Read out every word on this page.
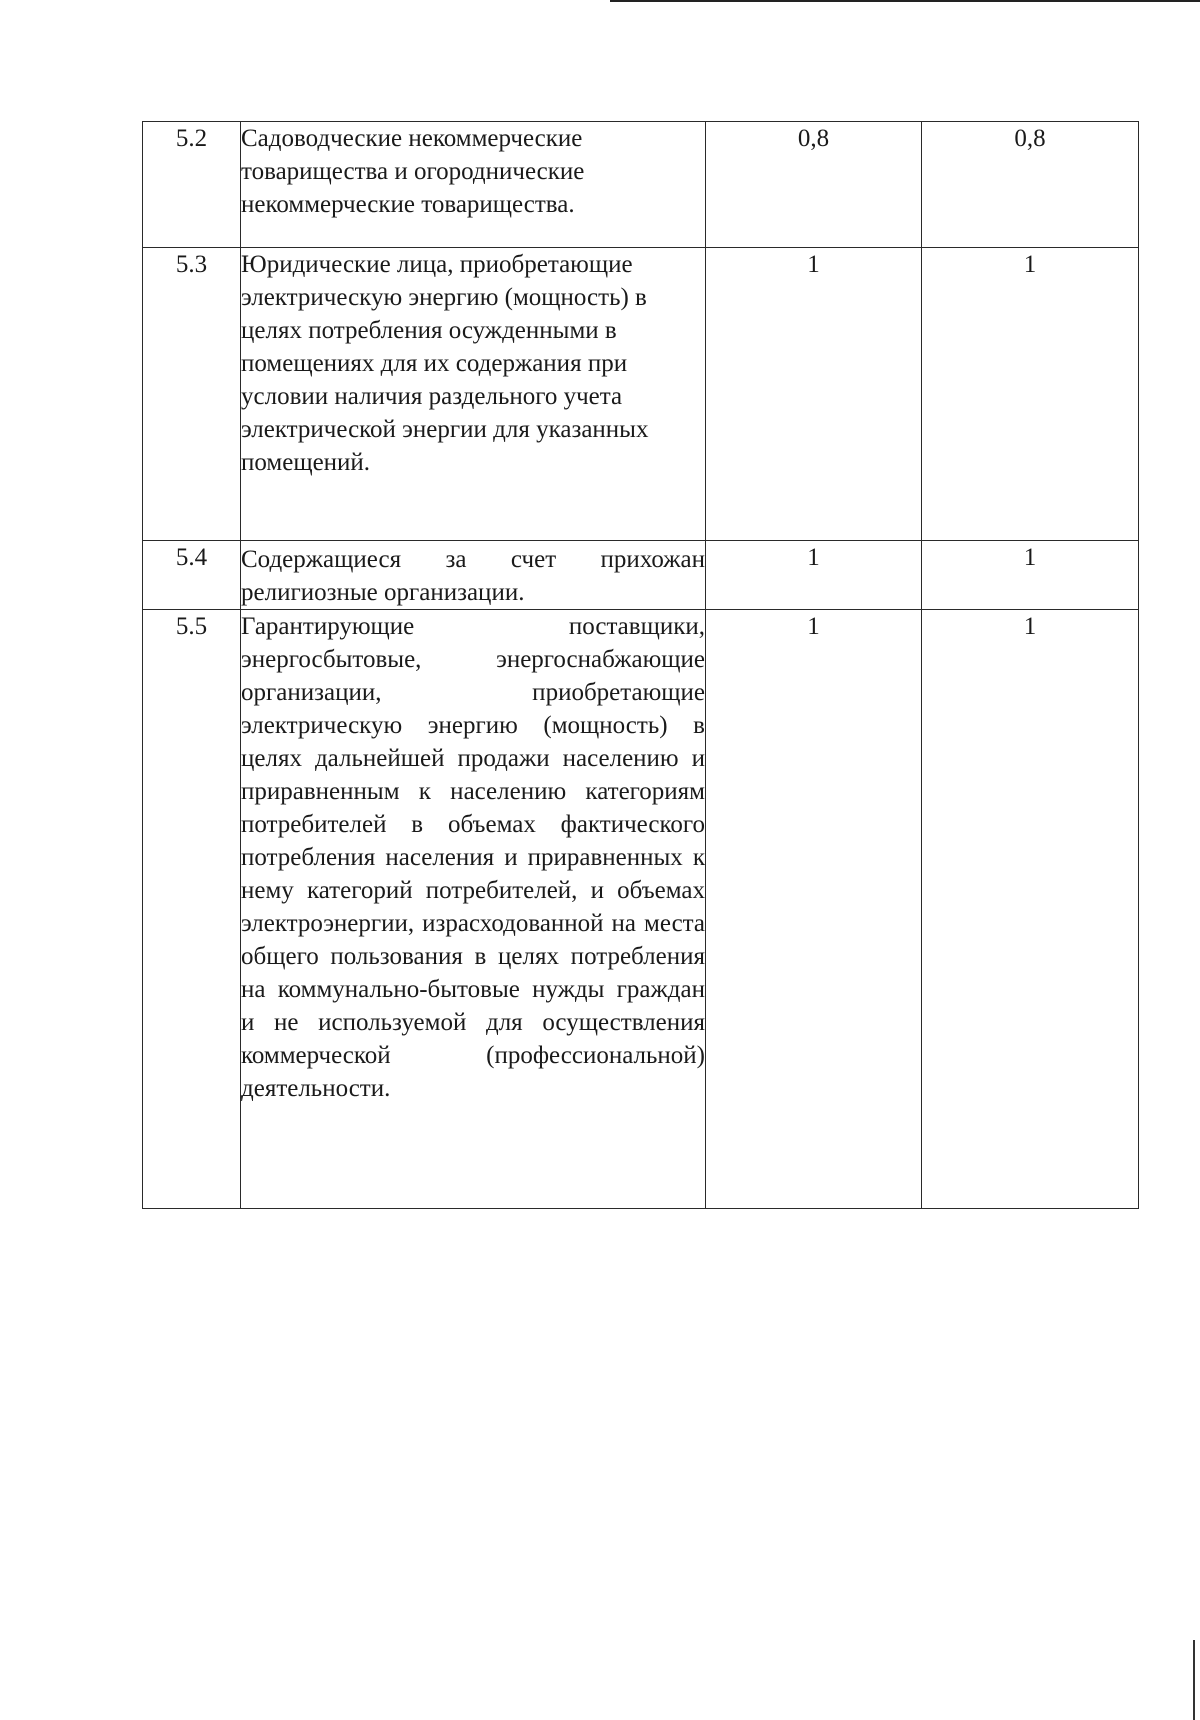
5.2	Садоводческие некоммерческие товарищества и огороднические некоммерческие товарищества.	0,8	0,8
5.3	Юридические лица, приобретающие электрическую энергию (мощность) в целях потребления осужденными в помещениях для их содержания при условии наличия раздельного учета электрической энергии для указанных помещений.	1	1
5.4	Содержащиеся за счет прихожан религиозные организации.	1	1
5.5	Гарантирующие поставщики, энергосбытовые, энергоснабжающие организации, приобретающие электрическую энергию (мощность) в целях дальнейшей продажи населению и приравненным к населению категориям потребителей в объемах фактического потребления населения и приравненных к нему категорий потребителей, и объемах электроэнергии, израсходованной на места общего пользования в целях потребления на коммунально-бытовые нужды граждан и не используемой для осуществления коммерческой (профессиональной) деятельности.	1	1
